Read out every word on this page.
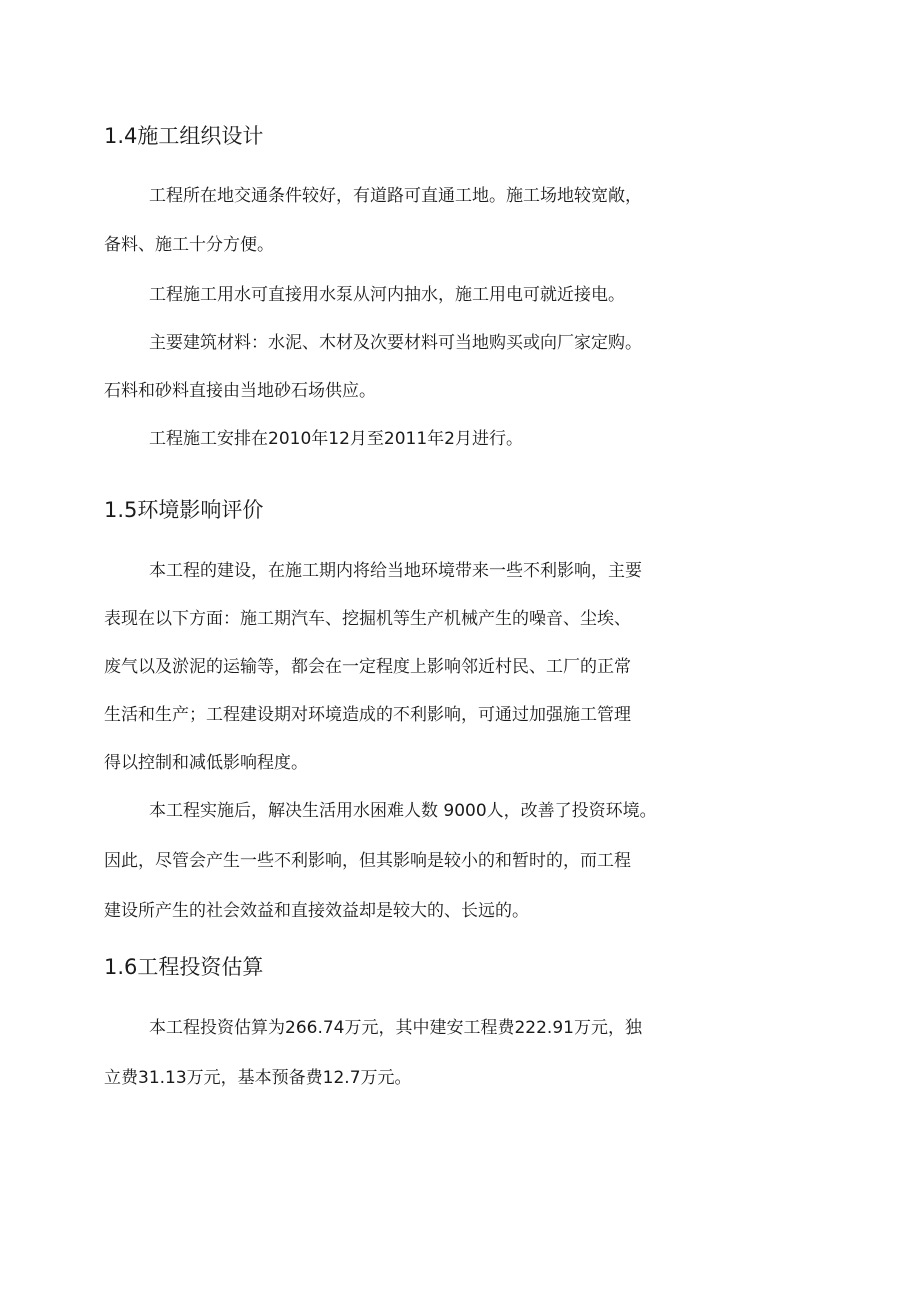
1.4施工组织设计
工程所在地交通条件较好，有道路可直通工地。施工场地较宽敞，
备料、施工十分方便。
工程施工用水可直接用水泵从河内抽水，施工用电可就近接电。
主要建筑材料：水泥、木材及次要材料可当地购买或向厂家定购。
石料和砂料直接由当地砂石场供应。
工程施工安排在2010年12月至2011年2月进行。
1.5环境影响评价
本工程的建设，在施工期内将给当地环境带来一些不利影响，主要
表现在以下方面：施工期汽车、挖掘机等生产机械产生的噪音、尘埃、
废气以及淤泥的运输等，都会在一定程度上影响邻近村民、工厂的正常
生活和生产；工程建设期对环境造成的不利影响，可通过加强施工管理
得以控制和减低影响程度。
本工程实施后，解决生活用水困难人数 9000人，改善了投资环境。
因此，尽管会产生一些不利影响，但其影响是较小的和暂时的，而工程
建设所产生的社会效益和直接效益却是较大的、长远的。
1.6工程投资估算
本工程投资估算为266.74万元，其中建安工程费222.91万元，独
立费31.13万元，基本预备费12.7万元。
